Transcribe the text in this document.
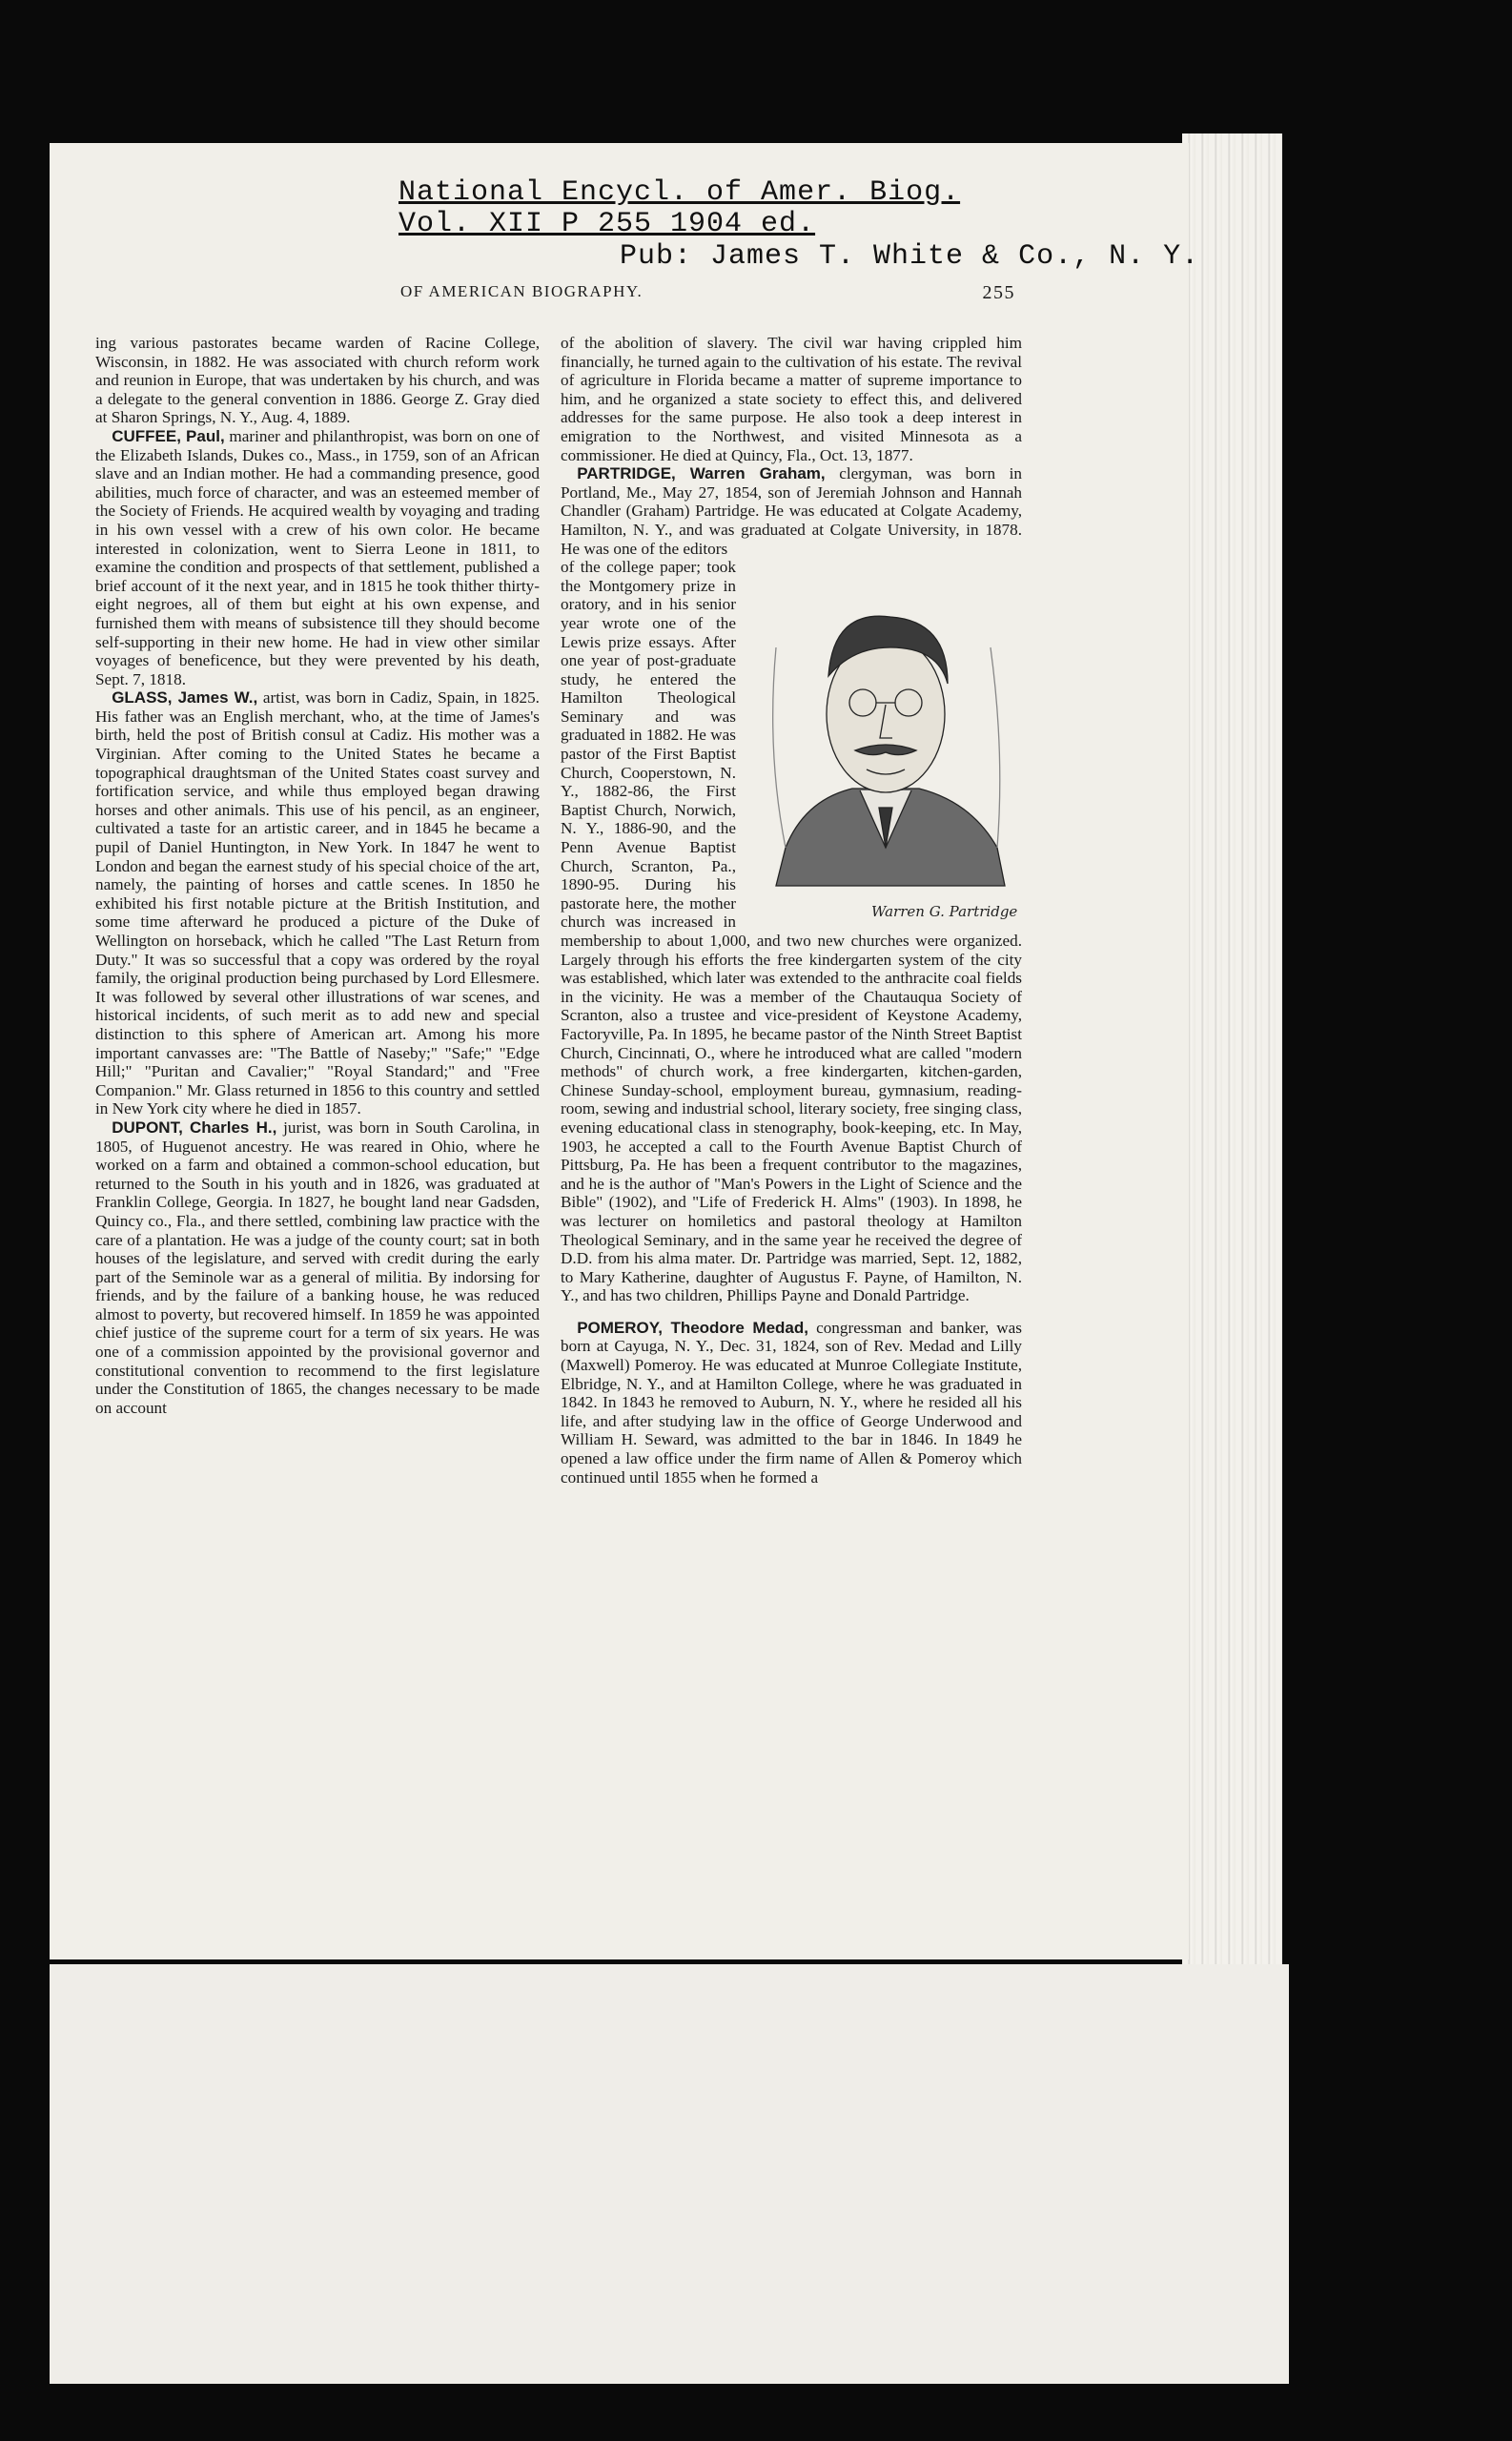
National Encycl. of Amer. Biog.
Vol. XII P 255 1904 ed.
Pub: James T. White & Co., N. Y.
OF AMERICAN BIOGRAPHY.	255

ing various pastorates became warden of Racine College, Wisconsin, in 1882. He was associated with church reform work and reunion in Europe, that was undertaken by his church, and was a delegate to the general convention in 1886. George Z. Gray died at Sharon Springs, N. Y., Aug. 4, 1889.

 CUFFEE, Paul, mariner and philanthropist, was born on one of the Elizabeth Islands, Dukes co., Mass., in 1759, son of an African slave and an Indian mother. He had a commanding presence, good abilities, much force of character, and was an esteemed member of the Society of Friends. He acquired wealth by voyaging and trading in his own vessel with a crew of his own color. He became interested in colonization, went to Sierra Leone in 1811, to examine the condition and prospects of that settlement, published a brief account of it the next year, and in 1815 he took thither thirty-eight negroes, all of them but eight at his own expense, and furnished them with means of subsistence till they should become self-supporting in their new home. He had in view other similar voyages of beneficence, but they were prevented by his death, Sept. 7, 1818.

 GLASS, James W., artist, was born in Cadiz, Spain, in 1825. His father was an English merchant, who, at the time of James's birth, held the post of British consul at Cadiz. His mother was a Virginian. After coming to the United States he became a topographical draughtsman of the United States coast survey and fortification service, and while thus employed began drawing horses and other animals. This use of his pencil, as an engineer, cultivated a taste for an artistic career, and in 1845 he became a pupil of Daniel Huntington, in New York. In 1847 he went to London and began the earnest study of his special choice of the art, namely, the painting of horses and cattle scenes. In 1850 he exhibited his first notable picture at the British Institution, and some time afterward he produced a picture of the Duke of Wellington on horseback, which he called "The Last Return from Duty." It was so successful that a copy was ordered by the royal family, the original production being purchased by Lord Ellesmere. It was followed by several other illustrations of war scenes, and historical incidents, of such merit as to add new and special distinction to this sphere of American art. Among his more important canvasses are: "The Battle of Naseby;" "Safe;" "Edge Hill;" "Puritan and Cavalier;" "Royal Standard;" and "Free Companion." Mr. Glass returned in 1856 to this country and settled in New York city where he died in 1857.

 DUPONT, Charles H., jurist, was born in South Carolina, in 1805, of Huguenot ancestry. He was reared in Ohio, where he worked on a farm and obtained a common-school education, but returned to the South in his youth and in 1826, was graduated at Franklin College, Georgia. In 1827, he bought land near Gadsden, Quincy co., Fla., and there settled, combining law practice with the care of a plantation. He was a judge of the county court; sat in both houses of the legislature, and served with credit during the early part of the Seminole war as a general of militia. By indorsing for friends, and by the failure of a banking house, he was reduced almost to poverty, but recovered himself. In 1859 he was appointed chief justice of the supreme court for a term of six years. He was one of a commission appointed by the provisional governor and constitutional convention to recommend to the first legislature under the Constitution of 1865, the changes necessary to be made on account

of the abolition of slavery. The civil war having crippled him financially, he turned again to the cultivation of his estate. The revival of agriculture in Florida became a matter of supreme importance to him, and he organized a state society to effect this, and delivered addresses for the same purpose. He also took a deep interest in emigration to the Northwest, and visited Minnesota as a commissioner. He died at Quincy, Fla., Oct. 13, 1877.

 PARTRIDGE, Warren Graham, clergyman, was born in Portland, Me., May 27, 1854, son of Jeremiah Johnson and Hannah Chandler (Graham) Partridge. He was educated at Colgate Academy, Hamilton, N. Y., and was graduated at Colgate University, in 1878. He was one of the editors

Warren G. Partridge

of the college paper; took the Montgomery prize in oratory, and in his senior year wrote one of the Lewis prize essays. After one year of post-graduate study, he entered the Hamilton Theological Seminary and was graduated in 1882. He was pastor of the First Baptist Church, Cooperstown, N. Y., 1882-86, the First Baptist Church, Norwich, N. Y., 1886-90, and the Penn Avenue Baptist Church, Scranton, Pa., 1890-95. During his pastorate here, the mother church was increased in membership to about 1,000, and two new churches were organized. Largely through his efforts the free kindergarten system of the city was established, which later was extended to the anthracite coal fields in the vicinity. He was a member of the Chautauqua Society of Scranton, also a trustee and vice-president of Keystone Academy, Factoryville, Pa. In 1895, he became pastor of the Ninth Street Baptist Church, Cincinnati, O., where he introduced what are called "modern methods" of church work, a free kindergarten, kitchen-garden, Chinese Sunday-school, employment bureau, gymnasium, reading-room, sewing and industrial school, literary society, free singing class, evening educational class in stenography, book-keeping, etc. In May, 1903, he accepted a call to the Fourth Avenue Baptist Church of Pittsburg, Pa. He has been a frequent contributor to the magazines, and he is the author of "Man's Powers in the Light of Science and the Bible" (1902), and "Life of Frederick H. Alms" (1903). In 1898, he was lecturer on homiletics and pastoral theology at Hamilton Theological Seminary, and in the same year he received the degree of D.D. from his alma mater. Dr. Partridge was married, Sept. 12, 1882, to Mary Katherine, daughter of Augustus F. Payne, of Hamilton, N. Y., and has two children, Phillips Payne and Donald Partridge.

 POMEROY, Theodore Medad, congressman and banker, was born at Cayuga, N. Y., Dec. 31, 1824, son of Rev. Medad and Lilly (Maxwell) Pomeroy. He was educated at Munroe Collegiate Institute, Elbridge, N. Y., and at Hamilton College, where he was graduated in 1842. In 1843 he removed to Auburn, N. Y., where he resided all his life, and after studying law in the office of George Underwood and William H. Seward, was admitted to the bar in 1846. In 1849 he opened a law office under the firm name of Allen & Pomeroy which continued until 1855 when he formed a
